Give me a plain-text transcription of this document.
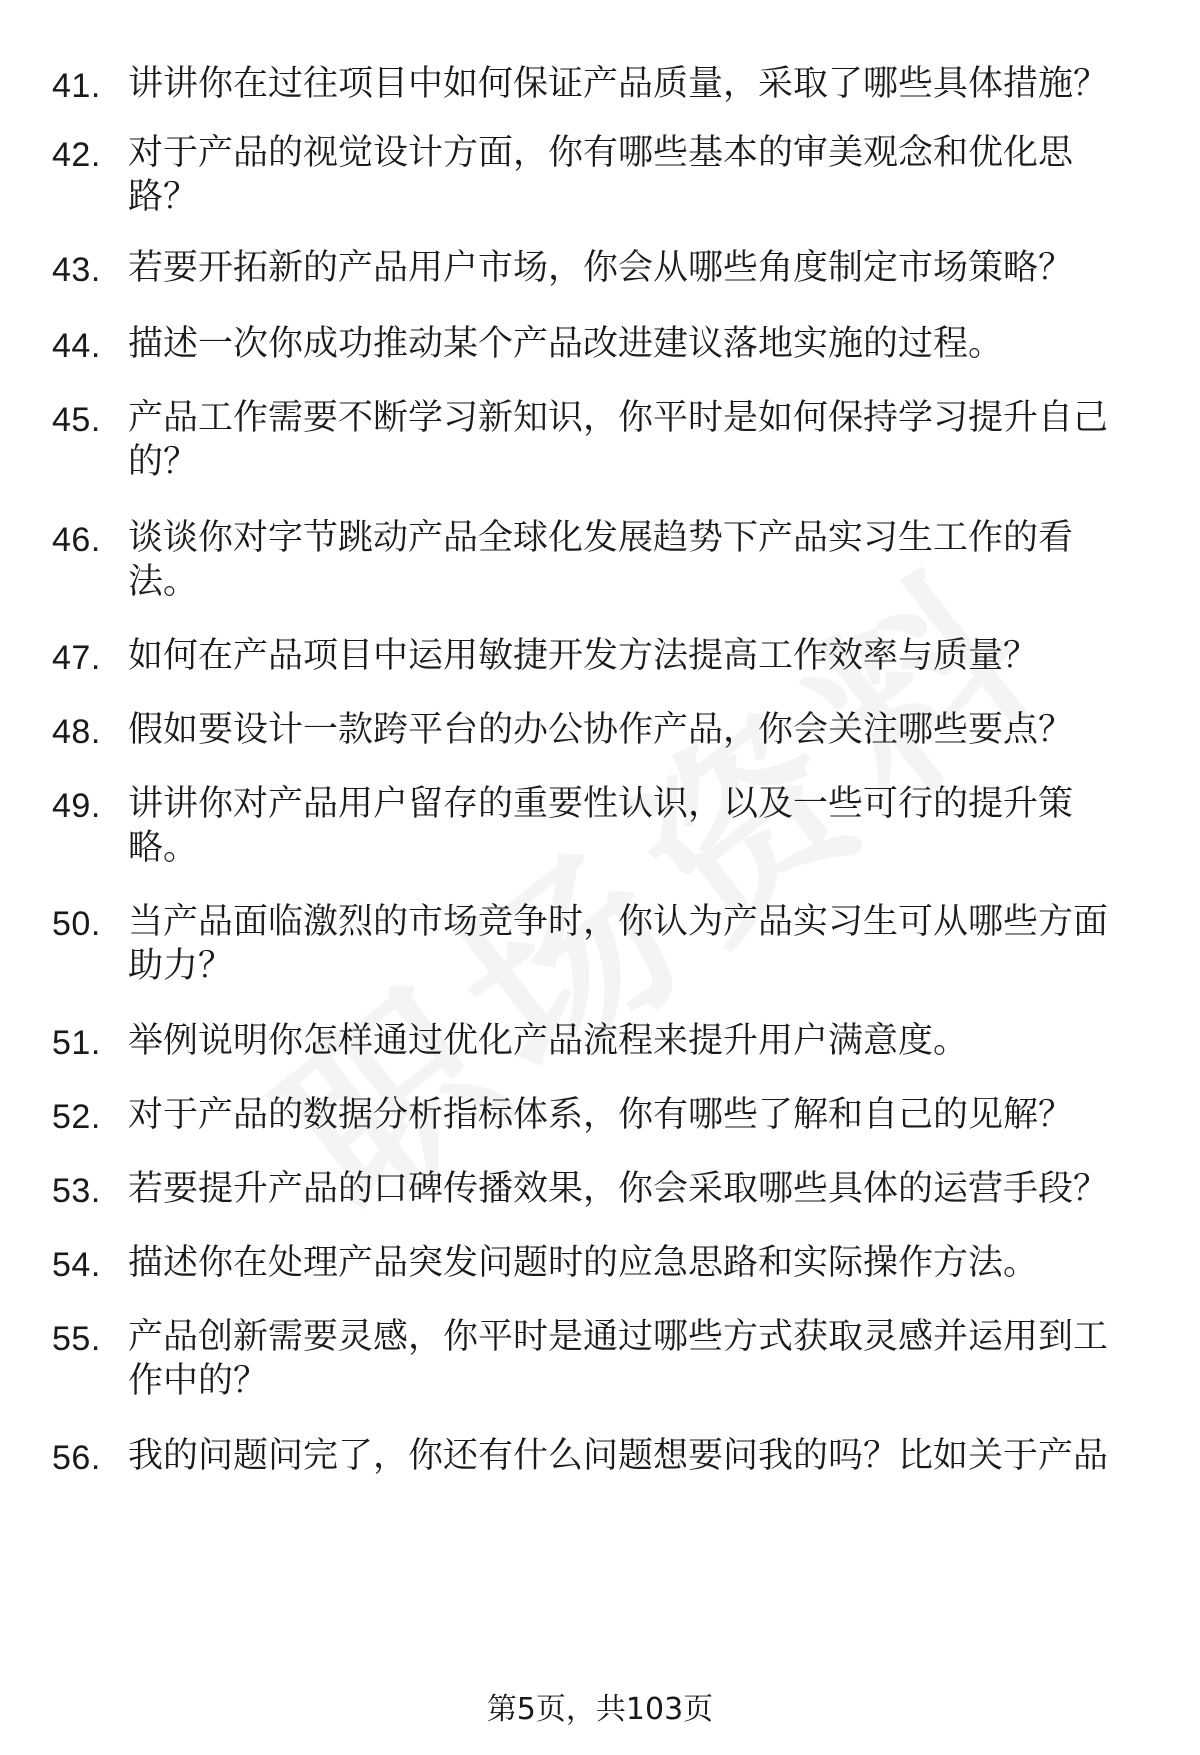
41. 讲讲你在过往项目中如何保证产品质量，采取了哪些具体措施？
42. 对于产品的视觉设计方面，你有哪些基本的审美观念和优化思路？
43. 若要开拓新的产品用户市场，你会从哪些角度制定市场策略？
44. 描述一次你成功推动某个产品改进建议落地实施的过程。
45. 产品工作需要不断学习新知识，你平时是如何保持学习提升自己的？
46. 谈谈你对字节跳动产品全球化发展趋势下产品实习生工作的看法。
47. 如何在产品项目中运用敏捷开发方法提高工作效率与质量？
48. 假如要设计一款跨平台的办公协作产品，你会关注哪些要点？
49. 讲讲你对产品用户留存的重要性认识，以及一些可行的提升策略。
50. 当产品面临激烈的市场竞争时，你认为产品实习生可从哪些方面助力？
51. 举例说明你怎样通过优化产品流程来提升用户满意度。
52. 对于产品的数据分析指标体系，你有哪些了解和自己的见解？
53. 若要提升产品的口碑传播效果，你会采取哪些具体的运营手段？
54. 描述你在处理产品突发问题时的应急思路和实际操作方法。
55. 产品创新需要灵感，你平时是通过哪些方式获取灵感并运用到工作中的？
56. 我的问题问完了，你还有什么问题想要问我的吗？比如关于产品
第5页，共103页
